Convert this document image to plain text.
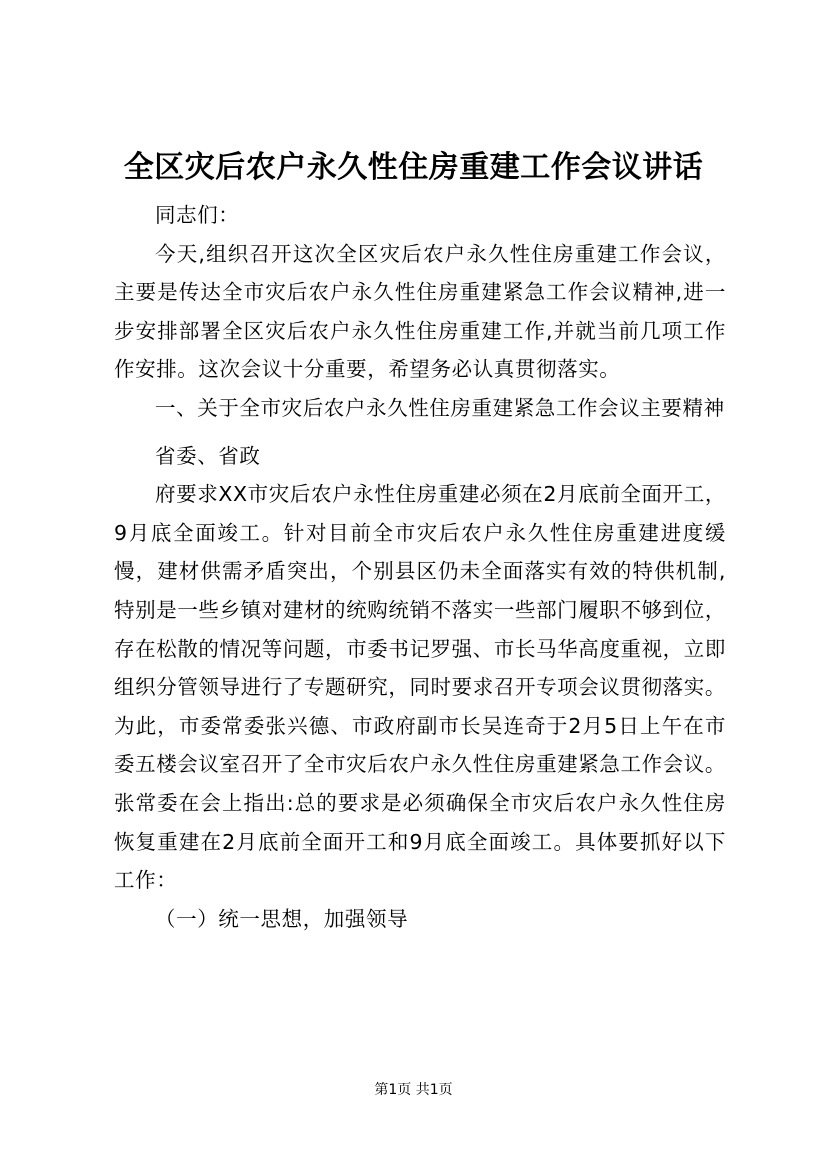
全区灾后农户永久性住房重建工作会议讲话

同志们：

今天,组织召开这次全区灾后农户永久性住房重建工作会议，主要是传达全市灾后农户永久性住房重建紧急工作会议精神,进一步安排部署全区灾后农户永久性住房重建工作,并就当前几项工作作安排。这次会议十分重要，希望务必认真贯彻落实。

一、关于全市灾后农户永久性住房重建紧急工作会议主要精神

省委、省政

府要求XX市灾后农户永性住房重建必须在2月底前全面开工，9月底全面竣工。针对目前全市灾后农户永久性住房重建进度缓慢，建材供需矛盾突出，个别县区仍未全面落实有效的特供机制,特别是一些乡镇对建材的统购统销不落实一些部门履职不够到位，存在松散的情况等问题，市委书记罗强、市长马华高度重视，立即组织分管领导进行了专题研究，同时要求召开专项会议贯彻落实。为此，市委常委张兴德、市政府副市长吴连奇于2月5日上午在市委五楼会议室召开了全市灾后农户永久性住房重建紧急工作会议。张常委在会上指出:总的要求是必须确保全市灾后农户永久性住房恢复重建在2月底前全面开工和9月底全面竣工。具体要抓好以下工作：

（一）统一思想，加强领导

第1页 共1页
